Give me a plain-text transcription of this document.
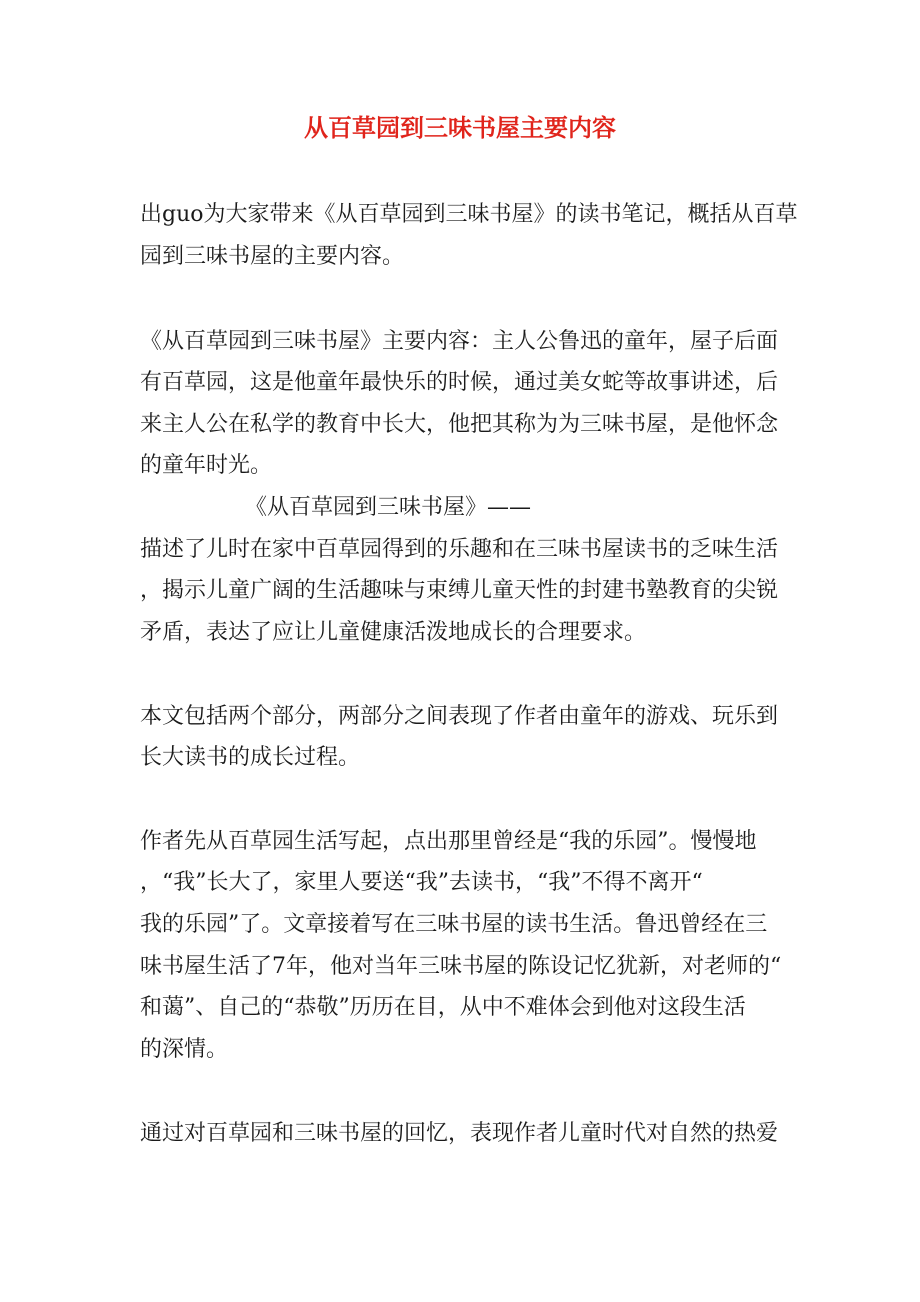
从百草园到三味书屋主要内容

出guo为大家带来《从百草园到三味书屋》的读书笔记，概括从百草

园到三味书屋的主要内容。

《从百草园到三味书屋》主要内容：主人公鲁迅的童年，屋子后面

有百草园，这是他童年最快乐的时候，通过美女蛇等故事讲述，后

来主人公在私学的教育中长大，他把其称为为三味书屋，是他怀念

的童年时光。

《从百草园到三味书屋》——

描述了儿时在家中百草园得到的乐趣和在三味书屋读书的乏味生活

，揭示儿童广阔的生活趣味与束缚儿童天性的封建书塾教育的尖锐

矛盾，表达了应让儿童健康活泼地成长的合理要求。

本文包括两个部分，两部分之间表现了作者由童年的游戏、玩乐到

长大读书的成长过程。

作者先从百草园生活写起，点出那里曾经是“我的乐园”。慢慢地

，“我”长大了，家里人要送“我”去读书，“我”不得不离开“

我的乐园”了。文章接着写在三味书屋的读书生活。鲁迅曾经在三

味书屋生活了7年，他对当年三味书屋的陈设记忆犹新，对老师的“

和蔼”、自己的“恭敬”历历在目，从中不难体会到他对这段生活

的深情。

通过对百草园和三味书屋的回忆，表现作者儿童时代对自然的热爱
